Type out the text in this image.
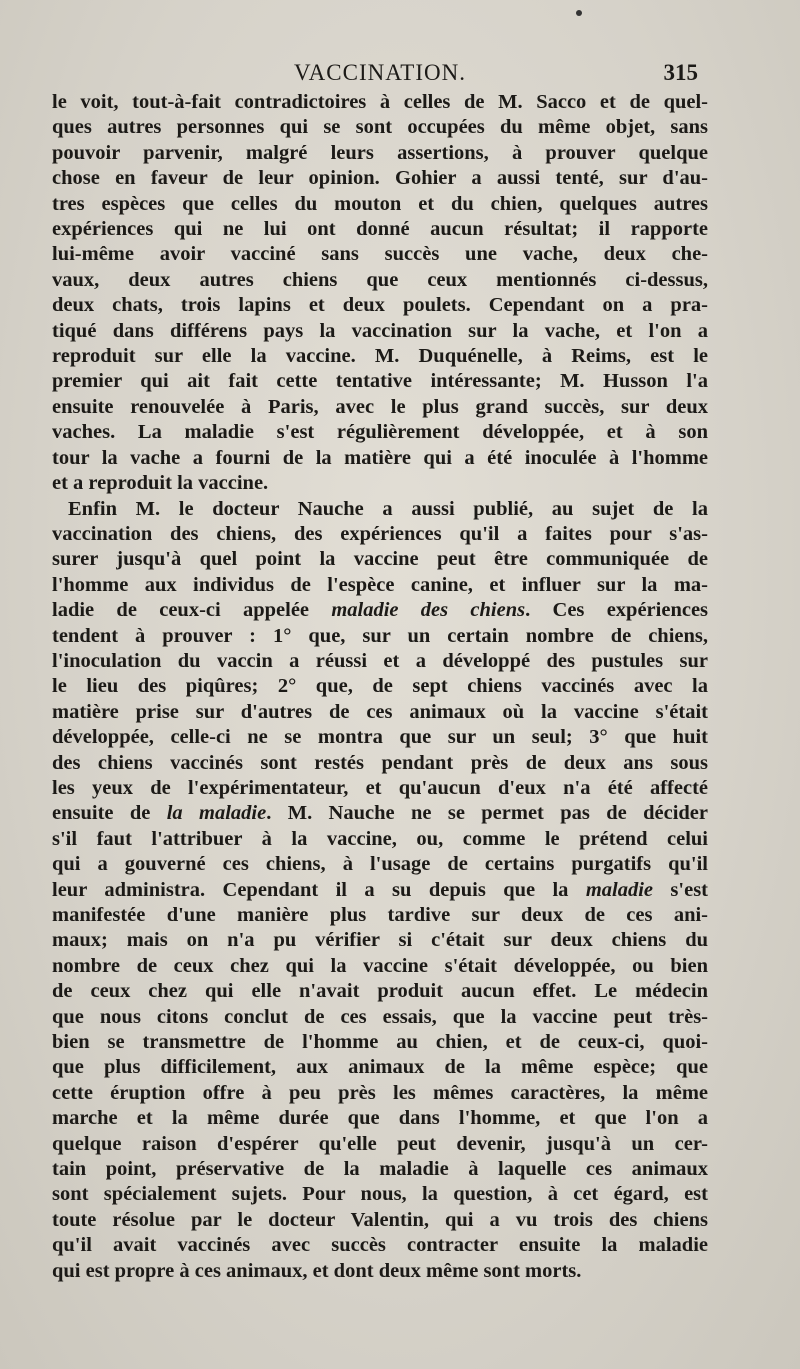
VACCINATION.	315
le voit, tout-à-fait contradictoires à celles de M. Sacco et de quel-
ques autres personnes qui se sont occupées du même objet, sans
pouvoir parvenir, malgré leurs assertions, à prouver quelque
chose en faveur de leur opinion. Gohier a aussi tenté, sur d'au-
tres espèces que celles du mouton et du chien, quelques autres
expériences qui ne lui ont donné aucun résultat; il rapporte
lui-même avoir vacciné sans succès une vache, deux che-
vaux, deux autres chiens que ceux mentionnés ci-dessus,
deux chats, trois lapins et deux poulets. Cependant on a pra-
tiqué dans différens pays la vaccination sur la vache, et l'on a
reproduit sur elle la vaccine. M. Duquénelle, à Reims, est le
premier qui ait fait cette tentative intéressante; M. Husson l'a
ensuite renouvelée à Paris, avec le plus grand succès, sur deux
vaches. La maladie s'est régulièrement développée, et à son
tour la vache a fourni de la matière qui a été inoculée à l'homme
et a reproduit la vaccine.
Enfin M. le docteur Nauche a aussi publié, au sujet de la
vaccination des chiens, des expériences qu'il a faites pour s'as-
surer jusqu'à quel point la vaccine peut être communiquée de
l'homme aux individus de l'espèce canine, et influer sur la ma-
ladie de ceux-ci appelée maladie des chiens. Ces expériences
tendent à prouver : 1° que, sur un certain nombre de chiens,
l'inoculation du vaccin a réussi et a développé des pustules sur
le lieu des piqûres; 2° que, de sept chiens vaccinés avec la
matière prise sur d'autres de ces animaux où la vaccine s'était
développée, celle-ci ne se montra que sur un seul; 3° que huit
des chiens vaccinés sont restés pendant près de deux ans sous
les yeux de l'expérimentateur, et qu'aucun d'eux n'a été affecté
ensuite de la maladie. M. Nauche ne se permet pas de décider
s'il faut l'attribuer à la vaccine, ou, comme le prétend celui
qui a gouverné ces chiens, à l'usage de certains purgatifs qu'il
leur administra. Cependant il a su depuis que la maladie s'est
manifestée d'une manière plus tardive sur deux de ces ani-
maux; mais on n'a pu vérifier si c'était sur deux chiens du
nombre de ceux chez qui la vaccine s'était développée, ou bien
de ceux chez qui elle n'avait produit aucun effet. Le médecin
que nous citons conclut de ces essais, que la vaccine peut très-
bien se transmettre de l'homme au chien, et de ceux-ci, quoi-
que plus difficilement, aux animaux de la même espèce; que
cette éruption offre à peu près les mêmes caractères, la même
marche et la même durée que dans l'homme, et que l'on a
quelque raison d'espérer qu'elle peut devenir, jusqu'à un cer-
tain point, préservative de la maladie à laquelle ces animaux
sont spécialement sujets. Pour nous, la question, à cet égard, est
toute résolue par le docteur Valentin, qui a vu trois des chiens
qu'il avait vaccinés avec succès contracter ensuite la maladie
qui est propre à ces animaux, et dont deux même sont morts.
